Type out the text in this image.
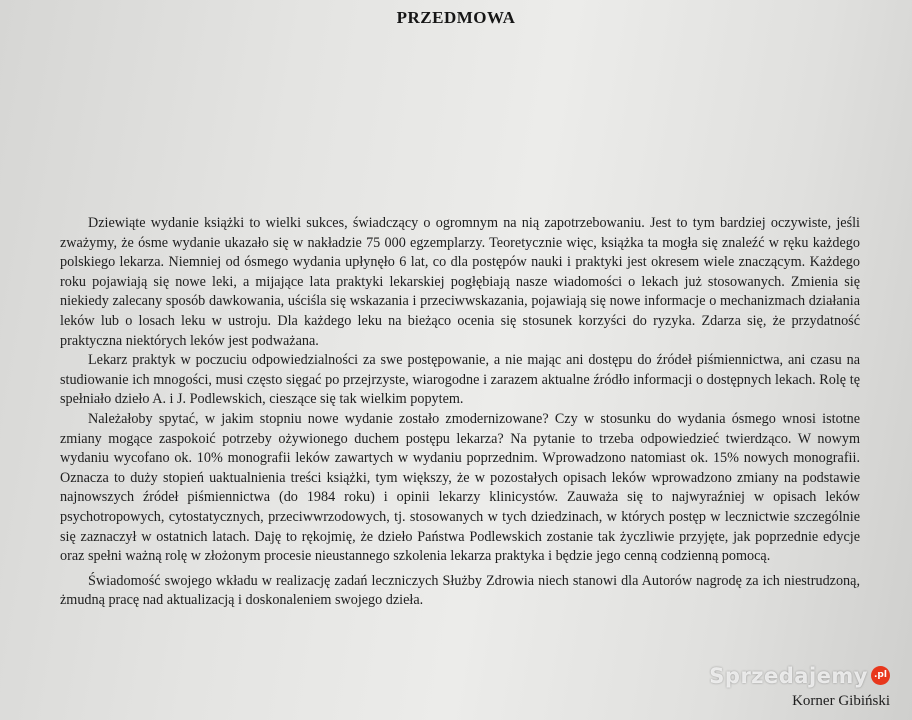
PRZEDMOWA

Dziewiąte wydanie książki to wielki sukces, świadczący o ogromnym na nią zapotrzebowaniu. Jest to tym bardziej oczywiste, jeśli zważymy, że ósme wydanie ukazało się w nakładzie 75 000 egzemplarzy. Teoretycznie więc, książka ta mogła się znaleźć w ręku każdego polskiego lekarza. Niemniej od ósmego wydania upłynęło 6 lat, co dla postępów nauki i praktyki jest okresem wiele znaczącym. Każdego roku pojawiają się nowe leki, a mijające lata praktyki lekarskiej pogłębiają nasze wiadomości o lekach już stosowanych. Zmienia się niekiedy zalecany sposób dawkowania, uściśla się wskazania i przeciwwskazania, pojawiają się nowe informacje o mechanizmach działania leków lub o losach leku w ustroju. Dla każdego leku na bieżąco ocenia się stosunek korzyści do ryzyka. Zdarza się, że przydatność praktyczna niektórych leków jest podważana.

Lekarz praktyk w poczuciu odpowiedzialności za swe postępowanie, a nie mając ani dostępu do źródeł piśmiennictwa, ani czasu na studiowanie ich mnogości, musi często sięgać po przejrzyste, wiarogodne i zarazem aktualne źródło informacji o dostępnych lekach. Rolę tę spełniało dzieło A. i J. Podlewskich, cieszące się tak wielkim popytem.

Należałoby spytać, w jakim stopniu nowe wydanie zostało zmodernizowane? Czy w stosunku do wydania ósmego wnosi istotne zmiany mogące zaspokoić potrzeby ożywionego duchem postępu lekarza? Na pytanie to trzeba odpowiedzieć twierdząco. W nowym wydaniu wycofano ok. 10% monografii leków zawartych w wydaniu poprzednim. Wprowadzono natomiast ok. 15% nowych monografii. Oznacza to duży stopień uaktualnienia treści książki, tym większy, że w pozostałych opisach leków wprowadzono zmiany na podstawie najnowszych źródeł piśmiennictwa (do 1984 roku) i opinii lekarzy klinicystów. Zauważa się to najwyraźniej w opisach leków psychotropowych, cytostatycznych, przeciwwrzodowych, tj. stosowanych w tych dziedzinach, w których postęp w lecznictwie szczególnie się zaznaczył w ostatnich latach. Daję to rękojmię, że dzieło Państwa Podlewskich zostanie tak życzliwie przyjęte, jak poprzednie edycje oraz spełni ważną rolę w złożonym procesie nieustannego szkolenia lekarza praktyka i będzie jego cenną codzienną pomocą.

Świadomość swojego wkładu w realizację zadań leczniczych Służby Zdrowia niech stanowi dla Autorów nagrodę za ich niestrudzoną, żmudną pracę nad aktualizacją i doskonaleniem swojego dzieła.

Sprzedajemy .pl
Korner Gibiński
